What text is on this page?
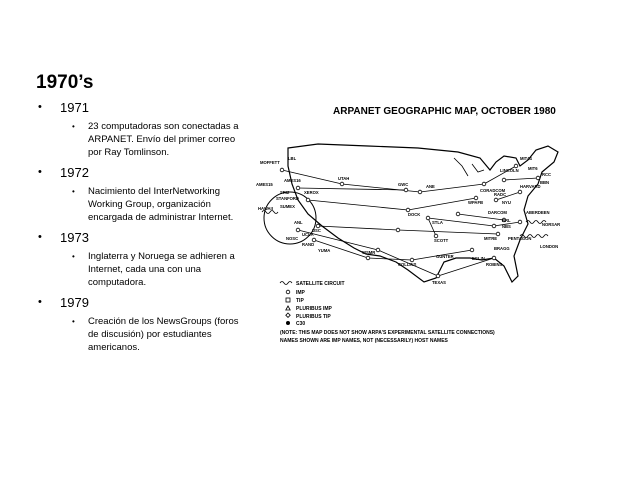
1970’s
• 1971
• 23 computadoras son conectadas a ARPANET. Envío del primer correo por Ray Tomlinson.
• 1972
• Nacimiento del InterNetworking Working Group, organización encargada de administrar Internet.
• 1973
• Inglaterra y Noruega se adhieren a Internet, cada una con una computadora.
• 1979
• Creación de los NewsGroups (foros de discusión) por estudiantes americanos.
ARPANET GEOGRAPHIC MAP, OCTOBER 1980
MOFFETT
AMES15
HAWAII
LBL
AMES16
SRI2
STANFORD
XEROX
SUMEX
UTAH
GWC
DOCK
ANE
WPAFB
STLA
SCOTT
USC
ANL
UCLA
RAND
NOSC
YUMA	WSMR
COLLINS
GUNTER
TEXAS
EGLIN
ROBINS
MIT44
LINCOLN MIT6
BBN
HARVARD
RCC
CORADCOM
RADC
NYU
DARCOM	ABERDEEN
NBS
MITRE	PENTAGON
BRL
NORSAR
LONDON
BRAGG
SATELLITE CIRCUIT
IMP
TIP
PLURIBUS IMP
PLURIBUS TIP
C30
(NOTE: THIS MAP DOES NOT SHOW ARPA'S EXPERIMENTAL SATELLITE CONNECTIONS)
NAMES SHOWN ARE IMP NAMES, NOT (NECESSARILY) HOST NAMES
